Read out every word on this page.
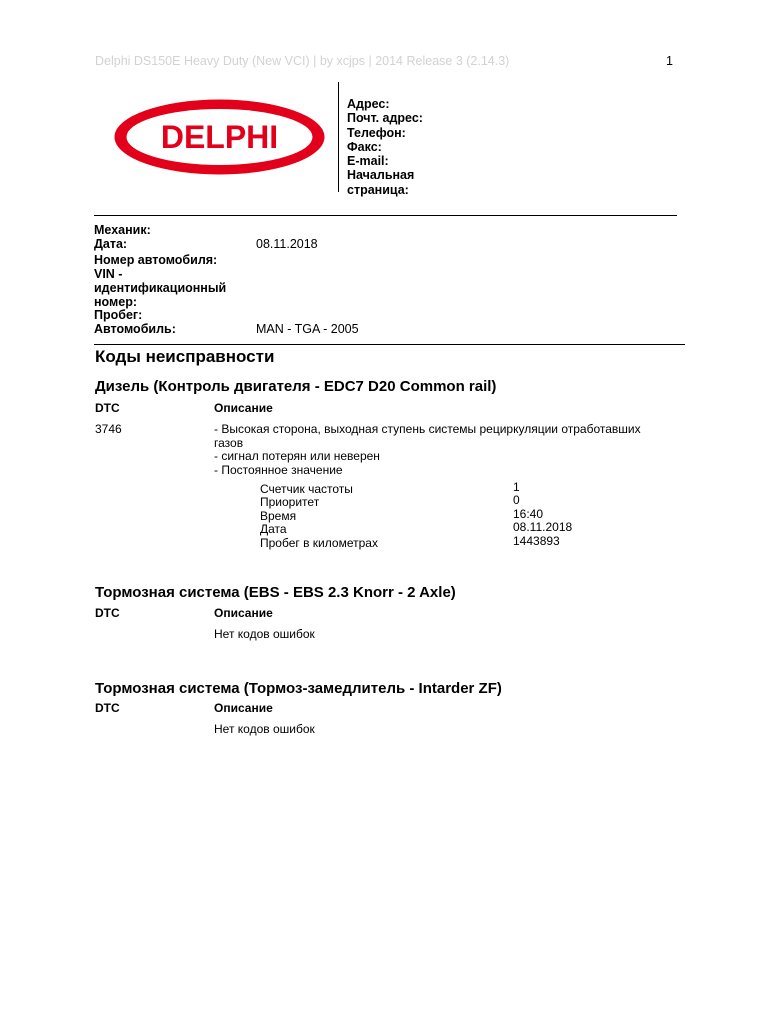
Delphi DS150E Heavy Duty (New VCI) | by xcjps | 2014 Release 3 (2.14.3)	1
DELPHI
Адрес:
Почт. адрес:
Телефон:
Факс:
E-mail:
Начальная
страница:
Механик:
Дата:	08.11.2018
Номер автомобиля:
VIN -
идентификационный
номер:
Пробег:
Автомобиль:	MAN - TGA - 2005
Коды неисправности
Дизель (Контроль двигателя - EDC7 D20 Common rail)
DTC	Описание
3746	- Высокая сторона, выходная ступень системы рециркуляции отработавших
газов
- сигнал потерян или неверен
- Постоянное значение
Счетчик частоты	1
Приоритет	0
Время	16:40
Дата	08.11.2018
Пробег в километрах	1443893
Тормозная система (EBS - EBS 2.3 Knorr - 2 Axle)
DTC	Описание
Нет кодов ошибок
Тормозная система (Тормоз-замедлитель - Intarder ZF)
DTC	Описание
Нет кодов ошибок
